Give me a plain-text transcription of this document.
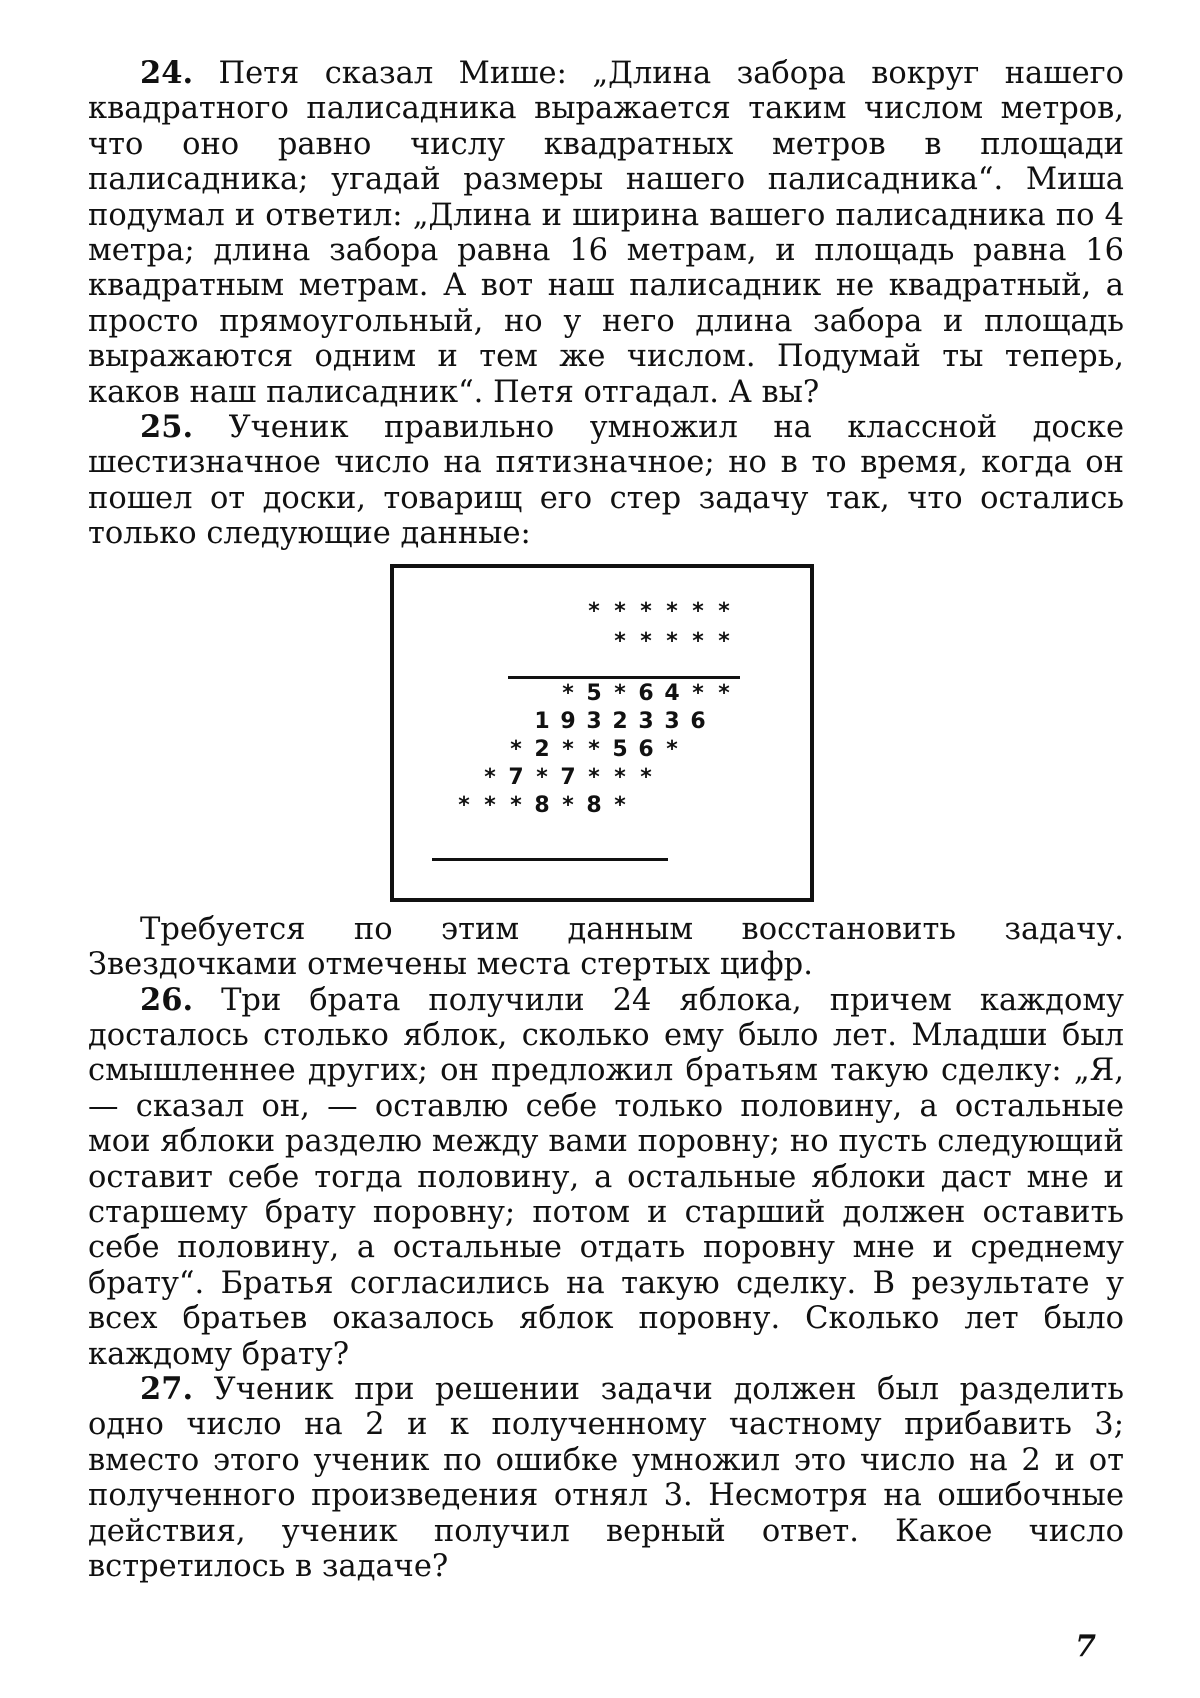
24. Петя сказал Мише: „Длина забора вокруг нашего квадратного палисадника выражается таким числом метров, что оно равно числу квадратных метров в площади палисадника; угадай размеры нашего палисадника“. Миша подумал и ответил: „Длина и ширина вашего палисадника по 4 метра; длина забора равна 16 метрам, и площадь равна 16 квадратным метрам. А вот наш палисадник не квадратный, а просто прямоугольный, но у него длина забора и площадь выражаются одним и тем же числом. Подумай ты теперь, каков наш палисадник“. Петя отгадал. А вы?

25. Ученик правильно умножил на классной доске шестизначное число на пятизначное; но в то время, когда он пошел от доски, товарищ его стер задачу так, что остались только следующие данные:

* * * * * *
* * * * *
* 5 * 6 4 * *
1 9 3 2 3 3 6
* 2 * * 5 6 *
* 7 * 7 * * *
* * * 8 * 8 *

Требуется по этим данным восстановить задачу. Звездочками отмечены места стертых цифр.

26. Три брата получили 24 яблока, причем каждому досталось столько яблок, сколько ему было лет. Младши был смышленнее других; он предложил братьям такую сделку: „Я,— сказал он, — оставлю себе только половину, а остальные мои яблоки разделю между вами поровну; но пусть следующий оставит себе тогда половину, а остальные яблоки даст мне и старшему брату поровну; потом и старший должен оставить себе половину, а остальные отдать поровну мне и среднему брату“. Братья согласились на такую сделку. В результате у всех братьев оказалось яблок поровну. Сколько лет было каждому брату?

27. Ученик при решении задачи должен был разделить одно число на 2 и к полученному частному прибавить 3; вместо этого ученик по ошибке умножил это число на 2 и от полученного произведения отнял 3. Несмотря на ошибочные действия, ученик получил верный ответ. Какое число встретилось в задаче?

7
